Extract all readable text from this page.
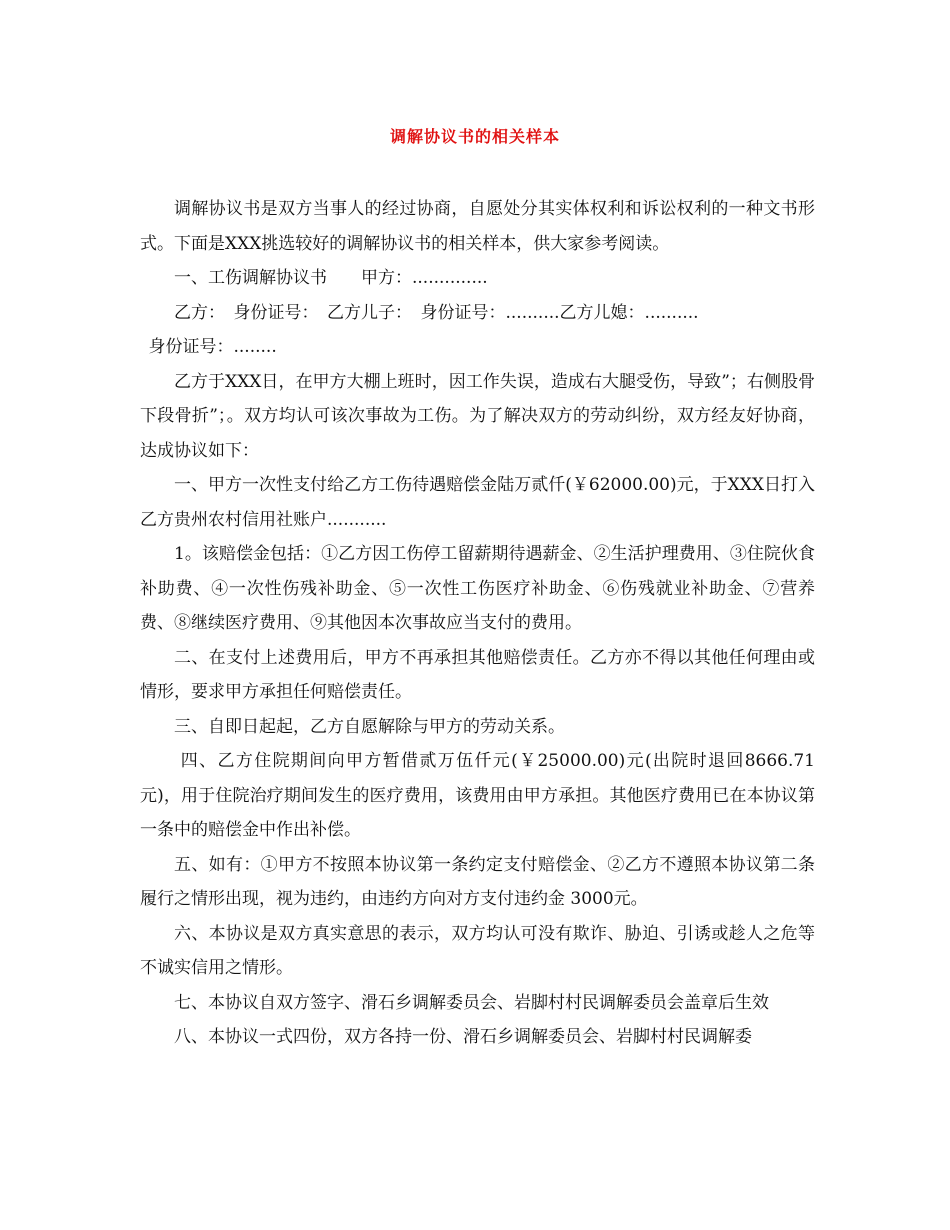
调解协议书的相关样本

调解协议书是双方当事人的经过协商，自愿处分其实体权利和诉讼权利的一种文书形式。下面是XXX挑选较好的调解协议书的相关样本，供大家参考阅读。

一、工伤调解协议书　　甲方：..............

乙方：　身份证号：　乙方儿子：　身份证号：..........乙方儿媳：..........

身份证号：........

乙方于XXX日，在甲方大棚上班时，因工作失误，造成右大腿受伤，导致”；右侧股骨下段骨折”；。双方均认可该次事故为工伤。为了解决双方的劳动纠纷，双方经友好协商，达成协议如下：

一、甲方一次性支付给乙方工伤待遇赔偿金陆万贰仟(￥62000.00)元，于XXX日打入乙方贵州农村信用社账户...........

1。该赔偿金包括：①乙方因工伤停工留薪期待遇薪金、②生活护理费用、③住院伙食补助费、④一次性伤残补助金、⑤一次性工伤医疗补助金、⑥伤残就业补助金、⑦营养费、⑧继续医疗费用、⑨其他因本次事故应当支付的费用。

二、在支付上述费用后，甲方不再承担其他赔偿责任。乙方亦不得以其他任何理由或情形，要求甲方承担任何赔偿责任。

三、自即日起起，乙方自愿解除与甲方的劳动关系。

四、乙方住院期间向甲方暂借贰万伍仟元(￥25000.00)元(出院时退回8666.71元)，用于住院治疗期间发生的医疗费用，该费用由甲方承担。其他医疗费用已在本协议第一条中的赔偿金中作出补偿。

五、如有：①甲方不按照本协议第一条约定支付赔偿金、②乙方不遵照本协议第二条履行之情形出现，视为违约，由违约方向对方支付违约金 3000元。

六、本协议是双方真实意思的表示，双方均认可没有欺诈、胁迫、引诱或趁人之危等不诚实信用之情形。

七、本协议自双方签字、滑石乡调解委员会、岩脚村村民调解委员会盖章后生效

八、本协议一式四份，双方各持一份、滑石乡调解委员会、岩脚村村民调解委
